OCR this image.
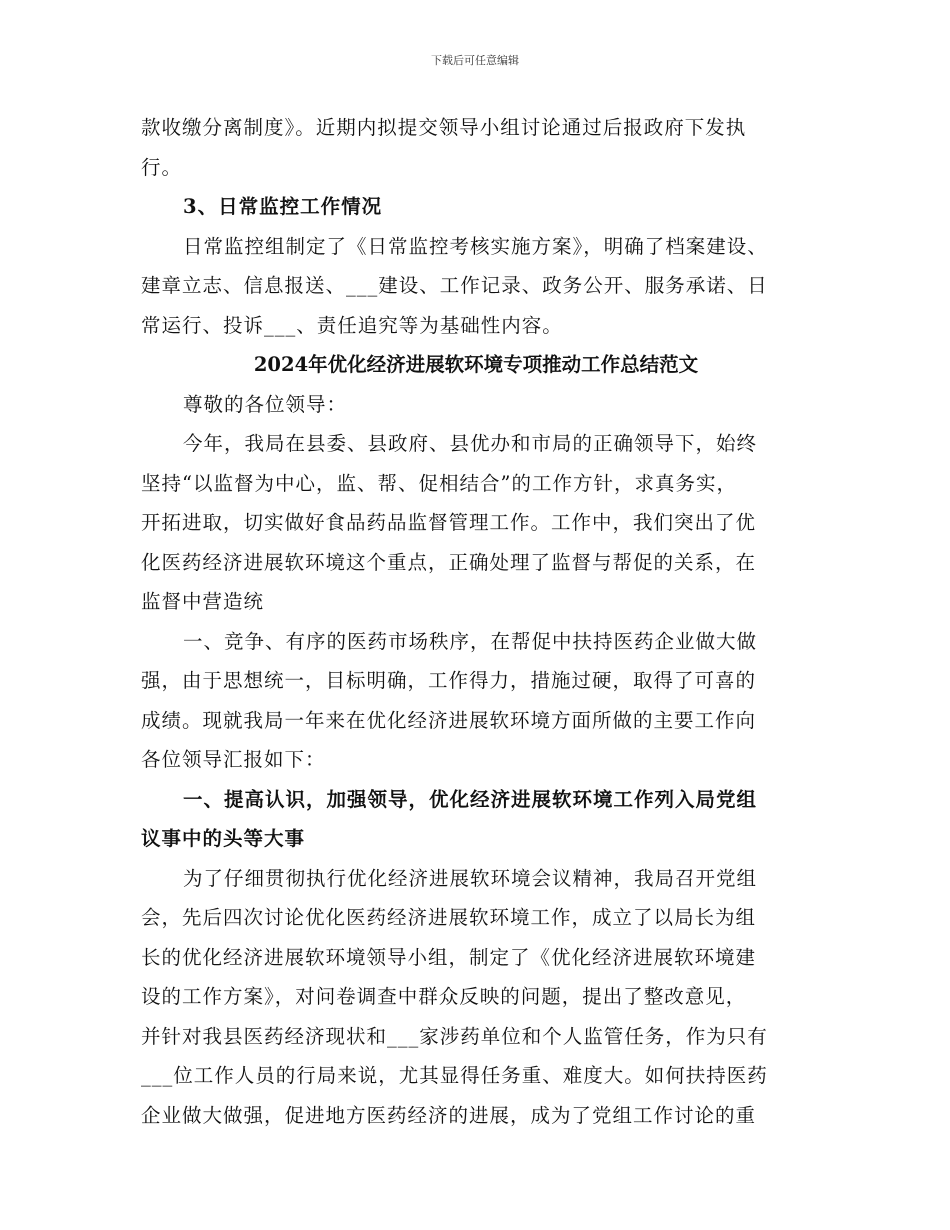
下载后可任意编辑
款收缴分离制度》。近期内拟提交领导小组讨论通过后报政府下发执
行。
3、日常监控工作情况
日常监控组制定了《日常监控考核实施方案》，明确了档案建设、
建章立志、信息报送、___建设、工作记录、政务公开、服务承诺、日
常运行、投诉___、责任追究等为基础性内容。
2024年优化经济进展软环境专项推动工作总结范文
尊敬的各位领导：
今年，我局在县委、县政府、县优办和市局的正确领导下，始终
坚持“以监督为中心，监、帮、促相结合”的工作方针，求真务实，
开拓进取，切实做好食品药品监督管理工作。工作中，我们突出了优
化医药经济进展软环境这个重点，正确处理了监督与帮促的关系，在
监督中营造统
一、竞争、有序的医药市场秩序，在帮促中扶持医药企业做大做
强，由于思想统一，目标明确，工作得力，措施过硬，取得了可喜的
成绩。现就我局一年来在优化经济进展软环境方面所做的主要工作向
各位领导汇报如下：
一、提高认识，加强领导，优化经济进展软环境工作列入局党组
议事中的头等大事
为了仔细贯彻执行优化经济进展软环境会议精神，我局召开党组
会，先后四次讨论优化医药经济进展软环境工作，成立了以局长为组
长的优化经济进展软环境领导小组，制定了《优化经济进展软环境建
设的工作方案》，对问卷调查中群众反映的问题，提出了整改意见，
并针对我县医药经济现状和___家涉药单位和个人监管任务，作为只有
___位工作人员的行局来说，尤其显得任务重、难度大。如何扶持医药
企业做大做强，促进地方医药经济的进展，成为了党组工作讨论的重
